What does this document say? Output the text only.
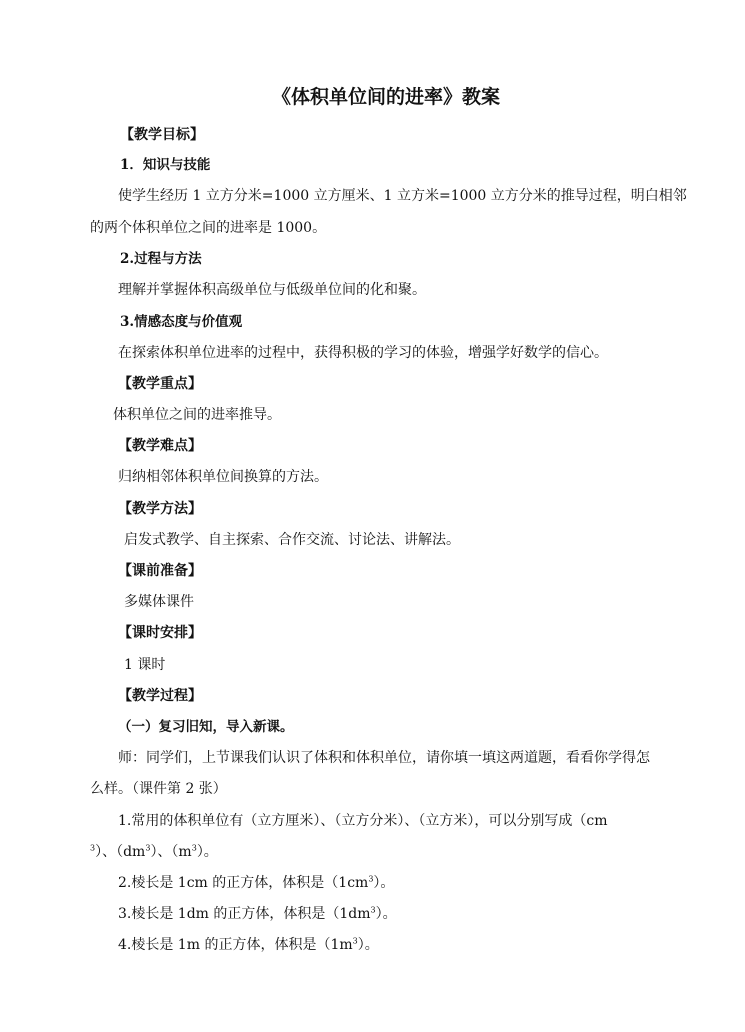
《体积单位间的进率》教案
【教学目标】
1．知识与技能
使学生经历 1 立方分米=1000 立方厘米、1 立方米=1000 立方分米的推导过程，明白相邻
的两个体积单位之间的进率是 1000。
2.过程与方法
理解并掌握体积高级单位与低级单位间的化和聚。
3.情感态度与价值观
在探索体积单位进率的过程中，获得积极的学习的体验，增强学好数学的信心。
【教学重点】
体积单位之间的进率推导。
【教学难点】
归纳相邻体积单位间换算的方法。
【教学方法】
启发式教学、自主探索、合作交流、讨论法、讲解法。
【课前准备】
多媒体课件
【课时安排】
1 课时
【教学过程】
（一）复习旧知，导入新课。
师：同学们，上节课我们认识了体积和体积单位，请你填一填这两道题，看看你学得怎
么样。（课件第 2 张）
1.常用的体积单位有（立方厘米）、（立方分米）、（立方米），可以分别写成（cm
$^3$）、$(dm^3)$、$(m^3)$。
2.棱长是 1cm 的正方体，体积是$(1cm^3)$。
3.棱长是 1dm 的正方体，体积是$(1dm^3)$。
4.棱长是 1m 的正方体，体积是$(1m^3)$。
